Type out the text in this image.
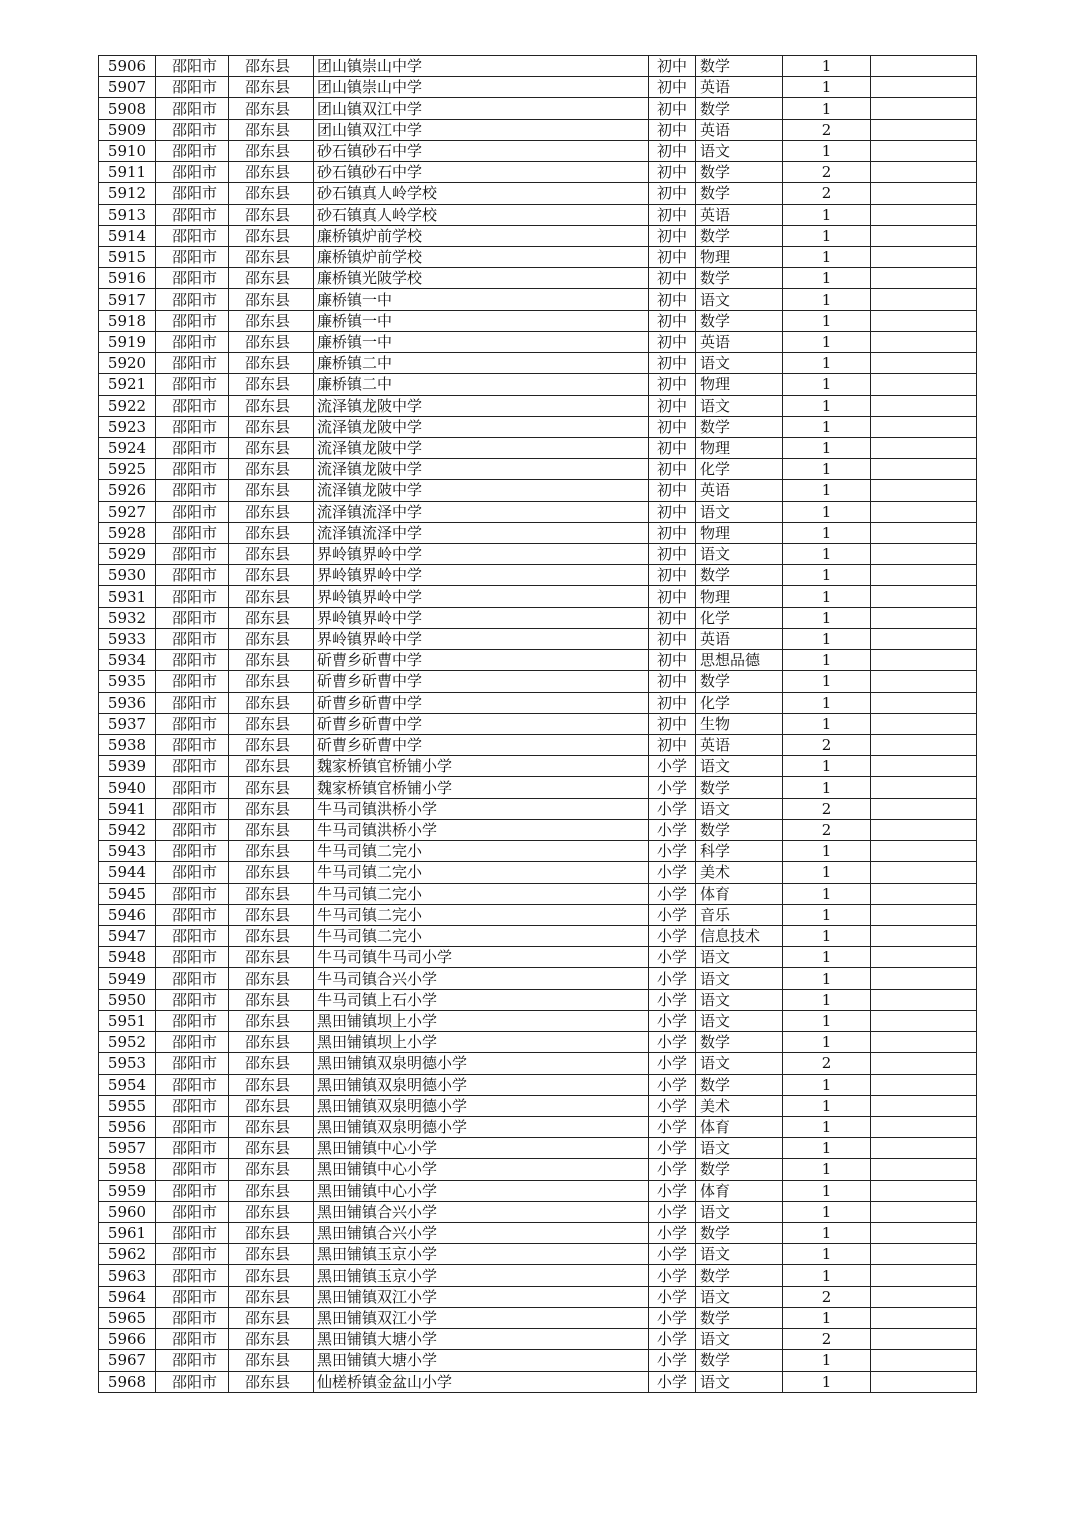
5906	邵阳市	邵东县	团山镇崇山中学	初中	数学	1	
5907	邵阳市	邵东县	团山镇崇山中学	初中	英语	1	
5908	邵阳市	邵东县	团山镇双江中学	初中	数学	1	
5909	邵阳市	邵东县	团山镇双江中学	初中	英语	2	
5910	邵阳市	邵东县	砂石镇砂石中学	初中	语文	1	
5911	邵阳市	邵东县	砂石镇砂石中学	初中	数学	2	
5912	邵阳市	邵东县	砂石镇真人岭学校	初中	数学	2	
5913	邵阳市	邵东县	砂石镇真人岭学校	初中	英语	1	
5914	邵阳市	邵东县	廉桥镇炉前学校	初中	数学	1	
5915	邵阳市	邵东县	廉桥镇炉前学校	初中	物理	1	
5916	邵阳市	邵东县	廉桥镇光陂学校	初中	数学	1	
5917	邵阳市	邵东县	廉桥镇一中	初中	语文	1	
5918	邵阳市	邵东县	廉桥镇一中	初中	数学	1	
5919	邵阳市	邵东县	廉桥镇一中	初中	英语	1	
5920	邵阳市	邵东县	廉桥镇二中	初中	语文	1	
5921	邵阳市	邵东县	廉桥镇二中	初中	物理	1	
5922	邵阳市	邵东县	流泽镇龙陂中学	初中	语文	1	
5923	邵阳市	邵东县	流泽镇龙陂中学	初中	数学	1	
5924	邵阳市	邵东县	流泽镇龙陂中学	初中	物理	1	
5925	邵阳市	邵东县	流泽镇龙陂中学	初中	化学	1	
5926	邵阳市	邵东县	流泽镇龙陂中学	初中	英语	1	
5927	邵阳市	邵东县	流泽镇流泽中学	初中	语文	1	
5928	邵阳市	邵东县	流泽镇流泽中学	初中	物理	1	
5929	邵阳市	邵东县	界岭镇界岭中学	初中	语文	1	
5930	邵阳市	邵东县	界岭镇界岭中学	初中	数学	1	
5931	邵阳市	邵东县	界岭镇界岭中学	初中	物理	1	
5932	邵阳市	邵东县	界岭镇界岭中学	初中	化学	1	
5933	邵阳市	邵东县	界岭镇界岭中学	初中	英语	1	
5934	邵阳市	邵东县	斫曹乡斫曹中学	初中	思想品德	1	
5935	邵阳市	邵东县	斫曹乡斫曹中学	初中	数学	1	
5936	邵阳市	邵东县	斫曹乡斫曹中学	初中	化学	1	
5937	邵阳市	邵东县	斫曹乡斫曹中学	初中	生物	1	
5938	邵阳市	邵东县	斫曹乡斫曹中学	初中	英语	2	
5939	邵阳市	邵东县	魏家桥镇官桥铺小学	小学	语文	1	
5940	邵阳市	邵东县	魏家桥镇官桥铺小学	小学	数学	1	
5941	邵阳市	邵东县	牛马司镇洪桥小学	小学	语文	2	
5942	邵阳市	邵东县	牛马司镇洪桥小学	小学	数学	2	
5943	邵阳市	邵东县	牛马司镇二完小	小学	科学	1	
5944	邵阳市	邵东县	牛马司镇二完小	小学	美术	1	
5945	邵阳市	邵东县	牛马司镇二完小	小学	体育	1	
5946	邵阳市	邵东县	牛马司镇二完小	小学	音乐	1	
5947	邵阳市	邵东县	牛马司镇二完小	小学	信息技术	1	
5948	邵阳市	邵东县	牛马司镇牛马司小学	小学	语文	1	
5949	邵阳市	邵东县	牛马司镇合兴小学	小学	语文	1	
5950	邵阳市	邵东县	牛马司镇上石小学	小学	语文	1	
5951	邵阳市	邵东县	黑田铺镇坝上小学	小学	语文	1	
5952	邵阳市	邵东县	黑田铺镇坝上小学	小学	数学	1	
5953	邵阳市	邵东县	黑田铺镇双泉明德小学	小学	语文	2	
5954	邵阳市	邵东县	黑田铺镇双泉明德小学	小学	数学	1	
5955	邵阳市	邵东县	黑田铺镇双泉明德小学	小学	美术	1	
5956	邵阳市	邵东县	黑田铺镇双泉明德小学	小学	体育	1	
5957	邵阳市	邵东县	黑田铺镇中心小学	小学	语文	1	
5958	邵阳市	邵东县	黑田铺镇中心小学	小学	数学	1	
5959	邵阳市	邵东县	黑田铺镇中心小学	小学	体育	1	
5960	邵阳市	邵东县	黑田铺镇合兴小学	小学	语文	1	
5961	邵阳市	邵东县	黑田铺镇合兴小学	小学	数学	1	
5962	邵阳市	邵东县	黑田铺镇玉京小学	小学	语文	1	
5963	邵阳市	邵东县	黑田铺镇玉京小学	小学	数学	1	
5964	邵阳市	邵东县	黑田铺镇双江小学	小学	语文	2	
5965	邵阳市	邵东县	黑田铺镇双江小学	小学	数学	1	
5966	邵阳市	邵东县	黑田铺镇大塘小学	小学	语文	2	
5967	邵阳市	邵东县	黑田铺镇大塘小学	小学	数学	1	
5968	邵阳市	邵东县	仙槎桥镇金盆山小学	小学	语文	1	
